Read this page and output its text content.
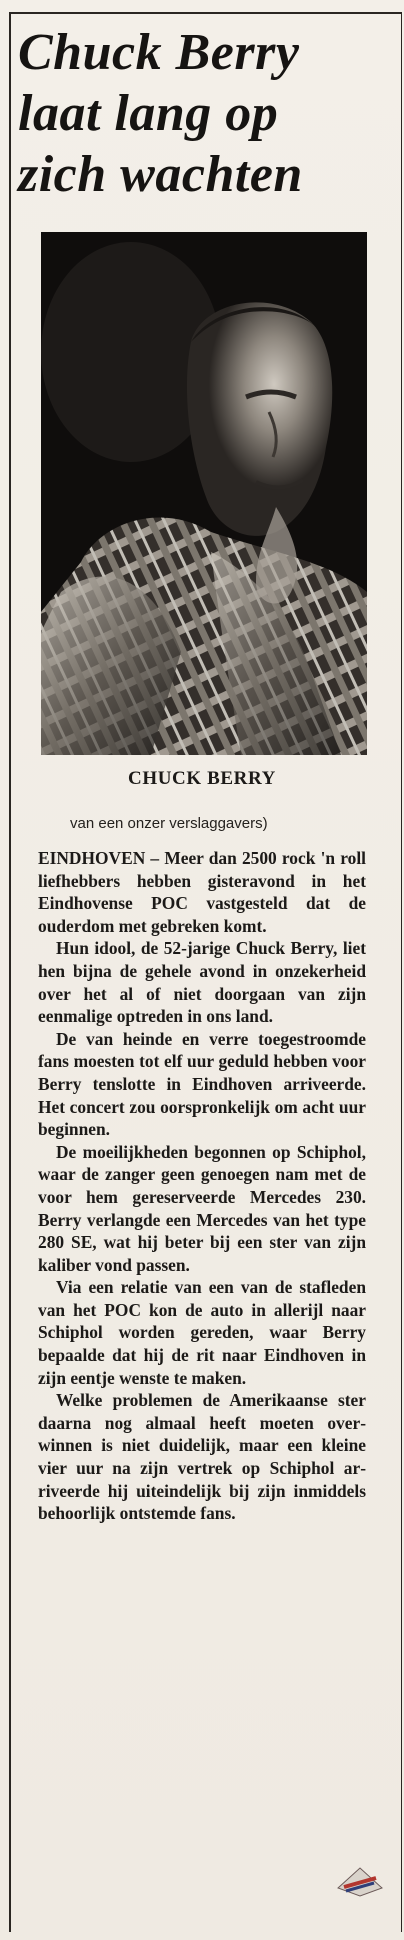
Chuck Berry
laat lang op
zich wachten
CHUCK BERRY
van een onzer verslaggavers)

EINDHOVEN – Meer dan 2500 rock 'n roll liefhebbers hebben gisteravond in het Eindhovense POC vastgesteld dat de ouderdom met gebreken komt.

Hun idool, de 52-jarige Chuck Berry, liet hen bijna de gehele avond in onzekerheid over het al of niet doorgaan van zijn eenmalige optreden in ons land.

De van heinde en verre toegestroomde fans moesten tot elf uur geduld hebben voor Berry tenslotte in Eindhoven arriveerde. Het concert zou oorspronkelijk om acht uur beginnen.

De moeilijkheden begonnen op Schiphol, waar de zanger geen genoegen nam met de voor hem gereserveerde Mercedes 230. Berry verlangde een Mercedes van het type 280 SE, wat hij beter bij een ster van zijn kaliber vond passen.

Via een relatie van een van de stafleden van het POC kon de auto in allerijl naar Schiphol worden gereden, waar Berry bepaalde dat hij de rit naar Eindhoven in zijn eentje wenste te maken.

Welke problemen de Amerikaanse ster daarna nog almaal heeft moeten overwinnen is niet duidelijk, maar een kleine vier uur na zijn vertrek op Schiphol arriveerde hij uiteindelijk bij zijn inmiddels behoorlijk ontstemde fans.
